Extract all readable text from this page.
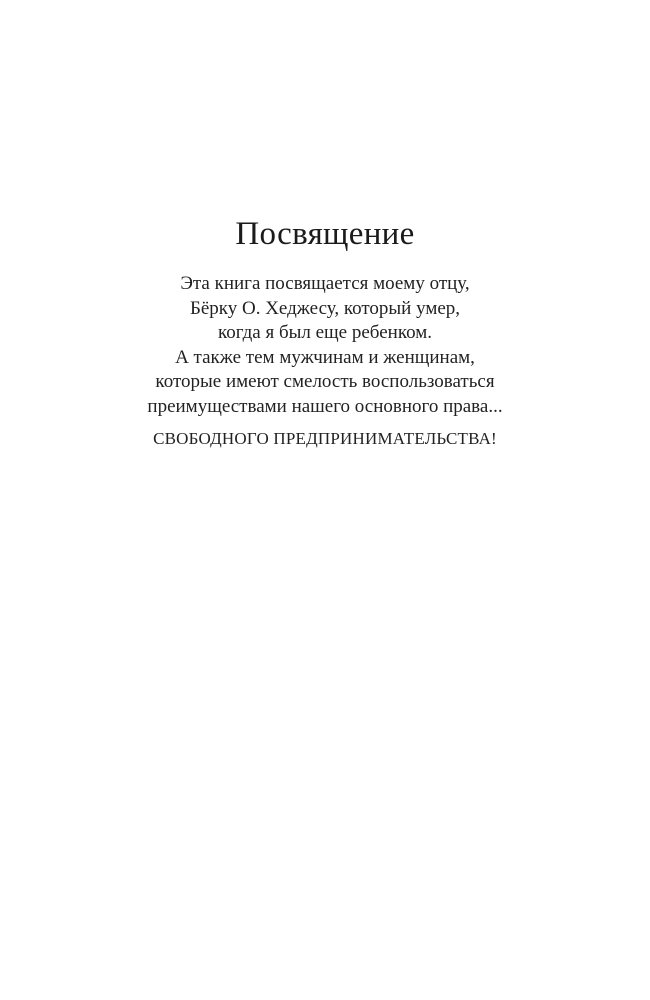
Посвящение
Эта книга посвящается моему отцу,
Бёрку О. Хеджесу, который умер,
когда я был еще ребенком.
А также тем мужчинам и женщинам,
которые имеют смелость воспользоваться
преимуществами нашего основного права...
СВОБОДНОГО ПРЕДПРИНИМАТЕЛЬСТВА!
